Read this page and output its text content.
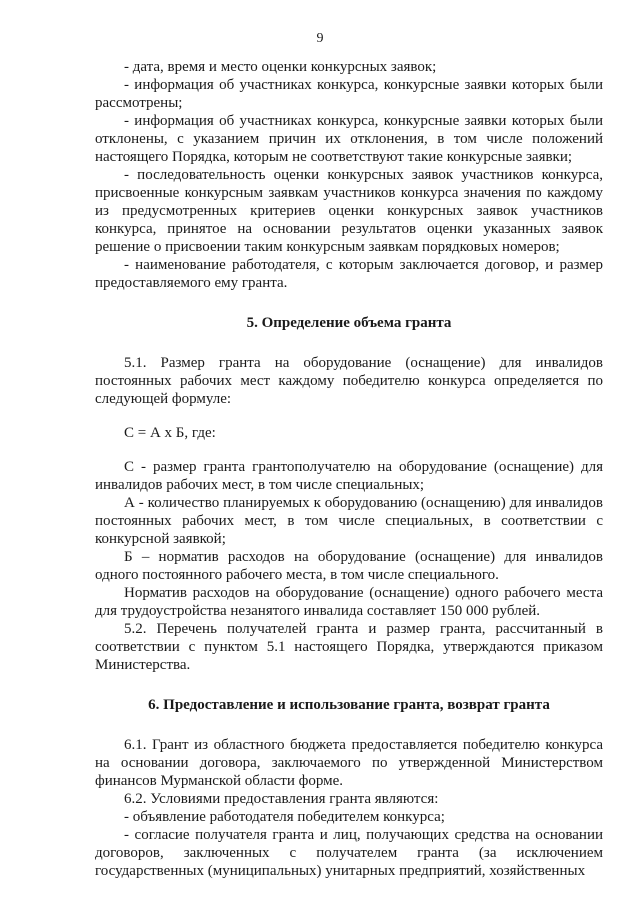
9

- дата, время и место оценки конкурсных заявок;

- информация об участниках конкурса, конкурсные заявки которых были рассмотрены;

- информация об участниках конкурса, конкурсные заявки которых были отклонены, с указанием причин их отклонения, в том числе положений настоящего Порядка, которым не соответствуют такие конкурсные заявки;

- последовательность оценки конкурсных заявок участников конкурса, присвоенные конкурсным заявкам участников конкурса значения по каждому из предусмотренных критериев оценки конкурсных заявок участников конкурса, принятое на основании результатов оценки указанных заявок решение о присвоении таким конкурсным заявкам порядковых номеров;

- наименование работодателя, с которым заключается договор, и размер предоставляемого ему гранта.

5. Определение объема гранта

5.1. Размер гранта на оборудование (оснащение) для инвалидов постоянных рабочих мест каждому победителю конкурса определяется по следующей формуле:

С = А х Б, где:

С - размер гранта грантополучателю на оборудование (оснащение) для инвалидов рабочих мест, в том числе специальных;

А - количество планируемых к оборудованию (оснащению) для инвалидов постоянных рабочих мест, в том числе специальных, в соответствии с конкурсной заявкой;

Б – норматив расходов на оборудование (оснащение) для инвалидов одного постоянного рабочего места, в том числе специального.

Норматив расходов на оборудование (оснащение) одного рабочего места для трудоустройства незанятого инвалида составляет 150 000 рублей.

5.2. Перечень получателей гранта и размер гранта, рассчитанный в соответствии с пунктом 5.1 настоящего Порядка, утверждаются приказом Министерства.

6. Предоставление и использование гранта, возврат гранта

6.1. Грант из областного бюджета предоставляется победителю конкурса на основании договора, заключаемого по утвержденной Министерством финансов Мурманской области форме.

6.2. Условиями предоставления гранта являются:

- объявление работодателя победителем конкурса;

- согласие получателя гранта и лиц, получающих средства на основании договоров, заключенных с получателем гранта (за исключением государственных (муниципальных) унитарных предприятий, хозяйственных
